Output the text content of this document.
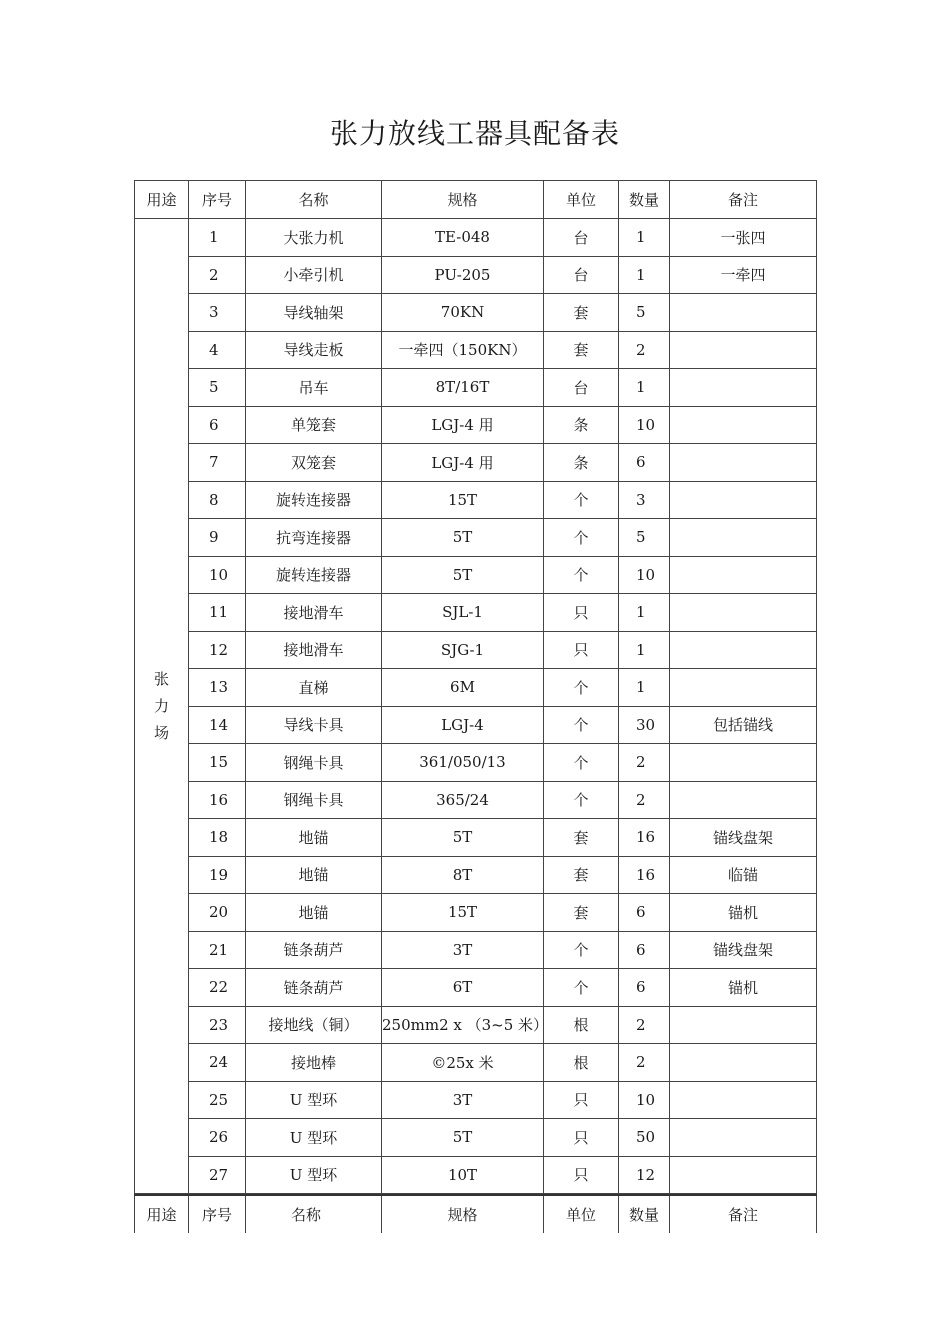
张力放线工器具配备表
用途	序号	名称	规格	单位	数量	备注

张
力
场	1	大张力机	TE-048	台	1	一张四
	2	小牵引机	PU-205	台	1	一牵四
	3	导线轴架	70KN	套	5	
	4	导线走板	一牵四（150KN）	套	2	
	5	吊车	8T/16T	台	1	
	6	单笼套	LGJ-4 用	条	10	
	7	双笼套	LGJ-4 用	条	6	
	8	旋转连接器	15T	个	3	
	9	抗弯连接器	5T	个	5	
	10	旋转连接器	5T	个	10	
	11	接地滑车	SJL-1	只	1	
	12	接地滑车	SJG-1	只	1	
	13	直梯	6M	个	1	
	14	导线卡具	LGJ-4	个	30	包括锚线
	15	钢绳卡具	361/050/13	个	2	
	16	钢绳卡具	365/24	个	2	
	18	地锚	5T	套	16	锚线盘架
	19	地锚	8T	套	16	临锚
	20	地锚	15T	套	6	锚机
	21	链条葫芦	3T	个	6	锚线盘架
	22	链条葫芦	6T	个	6	锚机
	23	接地线（铜）	250mm2 x （3~5 米）	根	2	
	24	接地棒	©25x 米	根	2	
	25	U 型环	3T	只	10	
	26	U 型环	5T	只	50	
	27	U 型环	10T	只	12	
用途	序号	名称	规格	单位	数量	备注
